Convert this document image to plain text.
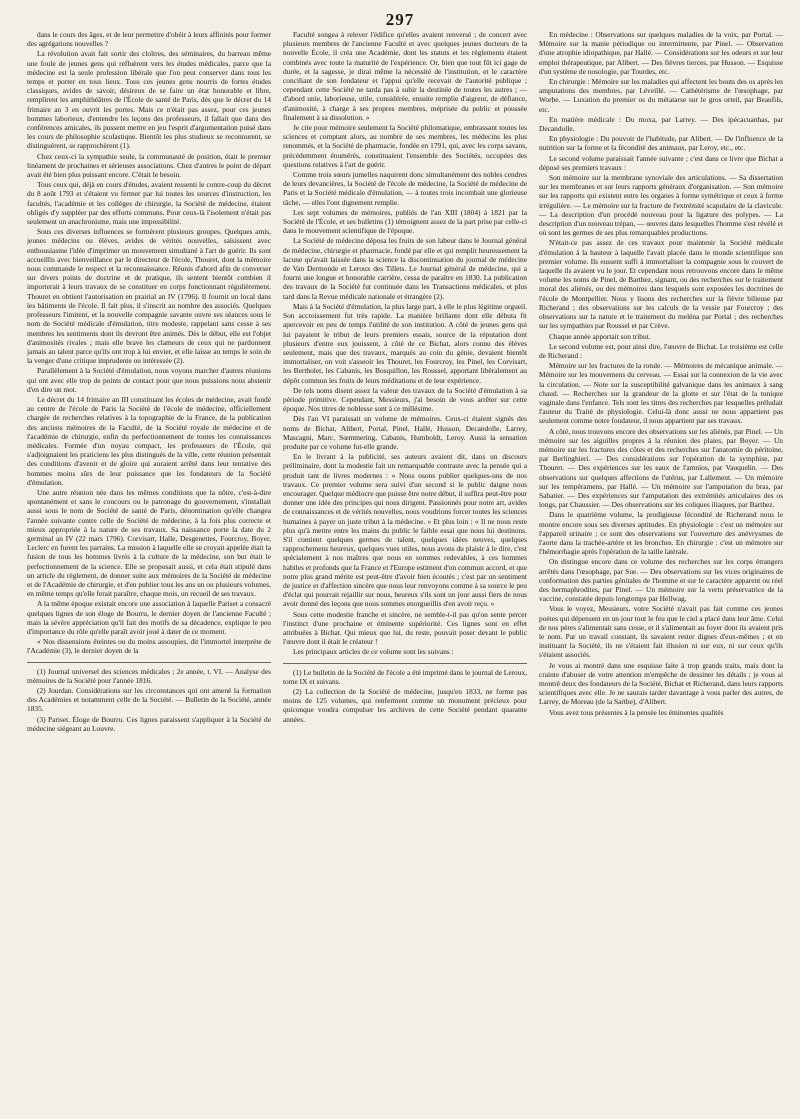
297

dans le cours des âges, et de leur permettre d'obéir à leurs affinités pour former des agrégations nouvelles ?

La révolution avait fait sortir des cloîtres, des séminaires, du barreau même une foule de jeunes gens qui refluèrent vers les études médicales, parce que la médecine est la seule profession libérale que l'on peut conserver dans tous les temps et porter en tous lieux. Tous ces jeunes gens nourris de fortes études classiques, avides de savoir, désireux de se faire un état honorable et libre, remplirent les amphithéâtres de l'École de santé de Paris, dès que le décret du 14 frimaire an 3 en ouvrit les portes. Mais ce n'était pas assez, pour ces jeunes hommes laborieux, d'entendre les leçons des professeurs, il fallait que dans des conférences amicales, ils pussent mettre en jeu l'esprit d'argumentation puisé dans les cours de philosophie scolastique. Bientôt les plus studieux se reconnurent, se distinguèrent, se rapprochèrent (1).

Chez ceux-ci la sympathie seule, la communauté de position, était le premier linéament de prochaines et sérieuses associations. Chez d'autres le point de départ avait été bien plus puissant encore. C'était le besoin.

Tous ceux qui, déjà en cours d'études, avaient ressenti le contre-coup du décret du 8 août 1793 et s'étaient vu fermer par lui toutes les sources d'instruction, les facultés, l'académie et les collèges de chirurgie, la Société de médecine, étaient obligés d'y suppléer par des efforts communs. Pour ceux-là l'isolement n'était pas seulement un anachronisme, mais une impossibilité.

Sous ces diverses influences se formèrent plusieurs groupes. Quelques amis, jeunes médecins ou élèves, avides de vérités nouvelles, saisissent avec enthousiasme l'idée d'imprimer un mouvement simultané à l'art de guérir. Ils sont accueillis avec bienveillance par le directeur de l'école, Thouret, dont la mémoire nous commande le respect et la reconnaissance. Réunis d'abord afin de converser sur divers points de doctrine et de pratique, ils sentent bientôt combien il importerait à leurs travaux de se constituer en corps fonctionnant régulièrement. Thouret en obtient l'autorisation en prairial an IV (1796). Il fournit un local dans les bâtiments de l'école. Il fait plus, il s'inscrit au nombre des associés. Quelques professeurs l'imitent, et la nouvelle compagnie savante ouvre ses séances sous le nom de Société médicale d'émulation, titre modeste, rappelant sans cesse à ses membres les sentiments dont ils devront être animés. Dès le début, elle est l'objet d'animosités rivales ; mais elle brave les clameurs de ceux qui ne pardonnent jamais au talent parce qu'ils ont trop à lui envier, et elle laisse au temps le soin de la venger d'une critique imprudente ou intéressée (2).

Parallèlement à la Société d'émulation, nous voyons marcher d'autres réunions qui ont avec elle trop de points de contact pour que nous puissions nous abstenir d'en dire un mot.

Le décret du 14 frimaire an III constituant les écoles de médecine, avait fondé au centre de l'école de Paris la Société de l'école de médecine, officiellement chargée de recherches relatives à la topographie de la France, de la publication des anciens mémoires de la Faculté, de la Société royale de médecine et de l'académie de chirurgie, enfin du perfectionnement de toutes les connaissances médicales. Formée d'un noyau compact, les professeurs de l'École, qui s'adjoignaient les praticiens les plus distingués de la ville, cette réunion présentait des conditions d'avenir et de gloire qui auraient arrêté dans leur tentative des hommes moins sûrs de leur puissance que les fondateurs de la Société d'émulation.

Une autre réunion née dans les mêmes conditions que la nôtre, c'est-à-dire spontanément et sans le concours ou le patronage du gouvernement, s'installait aussi sous le nom de Société de santé de Paris, dénomination qu'elle changea l'année suivante contre celle de Société de médecine, à la fois plus correcte et mieux appropriée à la nature de ses travaux. Sa naissance porte la date du 2 germinal an IV (22 mars 1796). Corvisart, Halle, Desgenettes, Fourcroy, Boyer, Leclerc en furent les parrains. La mission à laquelle elle se croyait appelée était la fusion de tous les hommes livrés à la culture de la médecine, son but était le perfectionnement de la science. Elle se proposait aussi, et cela était stipulé dans un article du règlement, de donner suite aux mémoires de la Société de médecine et de l'Académie de chirurgie, et d'en publier tous les ans un ou plusieurs volumes, en même temps qu'elle ferait paraître, chaque mois, un recueil de ses travaux.

A la même époque existait encore une association à laquelle Pariset a consacré quelques lignes de son éloge de Bourru, le dernier doyen de l'ancienne Faculté ; mais la sévère appréciation qu'il fait des motifs de sa décadence, explique le peu d'importance du rôle qu'elle paraît avoir joué à dater de ce moment.

« Nos dissensions éteintes ou du moins assoupies, dit l'immortel interprète de l'Académie (3), le dernier doyen de la

(1) Journal universel des sciences médicales ; 2e année, t. VI. — Analyse des mémoires de la Société pour l'année 1816.

(2) Jourdan. Considérations sur les circonstances qui ont amené la formation des Académies et notamment celle de la Société. — Bulletin de la Société, année 1835.

(3) Pariset. Éloge de Bourru. Ces lignes paraissent s'appliquer à la Société de médecine siégeant au Louvre.

Faculté songea à relever l'édifice qu'elles avaient renversé ; de concert avec plusieurs membres de l'ancienne Faculté et avec quelques jeunes docteurs de la nouvelle École, il créa une Académie, dont les statuts et les règlements étaient combinés avec toute la maturité de l'expérience. Or, bien que tout fût ici gage de durée, et la sagesse, je dirai même la nécessité de l'institution, et le caractère conciliant de son fondateur et l'appui qu'elle recevait de l'autorité publique ; cependant cette Société ne tarda pas à subir la destinée de toutes les autres ; — d'abord unie, laborieuse, utile, considérée, ensuite remplie d'aigreur, de défiance, d'animosité, à charge à ses propres membres, méprisée du public et poussée finalement à sa dissolution. »

Je cite pour mémoire seulement la Société philomatique, embrassant toutes les sciences et comptant alors, au nombre de ses membres, les médecins les plus renommés, et la Société de pharmacie, fondée en 1791, qui, avec les corps savans, précédemment énumérés, constituaient l'ensemble des Sociétés, occupées des questions relatives à l'art de guérir.

Comme trois sœurs jumelles naquirent donc simultanément des nobles cendres de leurs devancières, la Société de l'école de médecine, la Société de médecine de Paris et la Société médicale d'émulation, — à toutes trois incombait une glorieuse tâche, — elles l'ont dignement remplie.

Les sept volumes de mémoires, publiés de l'an XIII (1804) à 1821 par la Société de l'École, et ses bulletins (1) témoignent assez de la part prise par celle-ci dans le mouvement scientifique de l'époque.

La Société de médecine déposa les fruits de son labeur dans le Journal général de médecine, chirurgie et pharmacie, fondé par elle et qui remplit heureusement la lacune qu'avait laissée dans la science la discontinuation du journal de médecine de Van Dermonde et Leroux des Tillets. Le Journal général de médecine, qui a fourni une longue et honorable carrière, cessa de paraître en 1830. La publication des travaux de la Société fut continuée dans les Transactions médicales, et plus tard dans la Revue médicale nationale et étrangère (2).

Mais à la Société d'émulation, la plus large part, à elle le plus légitime orgueil. Son accroissement fut très rapide. La manière brillante dont elle débuta fit apercevoir en peu de temps l'utilité de son institution. A côté de jeunes gens qui lui payaient le tribut de leurs premiers essais, source de la réputation dont plusieurs d'entre eux jouissent, à côté de ce Bichat, alors connu des élèves seulement, mais que des travaux, marqués au coin du génie, devaient bientôt immortaliser, on voit s'asseoir les Thouret, les Fourcroy, les Pinel, les Corvisart, les Bertholet, les Cabanis, les Bosquillon, les Roussel, apportant libéralement au dépôt commun les fruits de leurs méditations et de leur expérience.

De tels noms disent assez la valeur des travaux de la Société d'émulation à sa période primitive. Cependant, Messieurs, j'ai besoin de vous arrêter sur cette époque. Nos titres de noblesse sont à ce millésime.

Dès l'an VI paraissait un volume de mémoires. Ceux-ci étaient signés des noms de Bichat, Alibert, Portal, Pinel, Hallé, Husson, Decandolle, Larrey, Mascagni, Marc, Sœmmering, Cabanis, Humboldt, Leroy. Aussi la sensation produite par ce volume fut-elle grande.

En le livrant à la publicité, ses auteurs avaient dit, dans un discours préliminaire, dont la modestie fait un remarquable contraste avec la pensée qui a produit tant de livres modernes : « Nous osons publier quelques-uns de nos travaux. Ce premier volume sera suivi d'un second si le public daigne nous encourager. Quelque médiocre que puisse être notre début, il suffira peut-être pour donner une idée des principes qui nous dirigent. Passionnés pour notre art, avides de connaissances et de vérités nouvelles, nous voudrions forcer toutes les sciences humaines à payer un juste tribut à la médecine. » Et plus loin : « Il ne nous reste plus qu'à mettre entre les mains du public le faible essai que nous lui destinons. S'il contient quelques germes de talent, quelques idées neuves, quelques rapprochemens heureux, quelques vues utiles, nous avons du plaisir à le dire, c'est spécialement à nos maîtres que nous en sommes redevables, à ces hommes habiles et profonds que la France et l'Europe estiment d'un commun accord, et que notre plus grand mérite est peut-être d'avoir bien écoutés ; c'est par un sentiment de justice et d'affection sincère que nous leur renvoyons comme à sa source le peu d'éclat qui pourrait rejaillir sur nous, heureux s'ils sont un jour aussi fiers de nous avoir donné des leçons que nous sommes enorgueillis d'en avoir reçu. »

Sous cette modestie franche et sincère, ne semble-t-il pas qu'on sente percer l'instinct d'une prochaine et éminente supériorité. Ces lignes sont en effet attribuées à Bichat. Qui mieux que lui, du reste, pouvait poser devant le public l'œuvre dont il était le créateur !

Les principaux articles de ce volume sont les suivans :

(1) Le bulletin de la Société de l'école a été imprimé dans le journal de Leroux, tome IX et suivans.

(2) La collection de la Société de médecine, jusqu'en 1833, ne forme pas moins de 125 volumes, qui renferment comme un monument précieux pour quiconque voudra compulser les archives de cette Société pendant quarante années.

En médecine : Observations sur quelques maladies de la voix, par Portal. — Mémoire sur la manie périodique ou intermittente, par Pinel. — Observation d'une atrophie idiopathique, par Hallé. — Considérations sur les odeurs et sur leur emploi thérapeutique, par Alibert. — Des fièvres tierces, par Husson. — Esquisse d'un système de nosologie, par Tourdes, etc.

En chirurgie : Mémoire sur les maladies qui affectent les bouts des os après les amputations des membres, par Léveillé. — Cathétérisme de l'œsophage, par Worbe. — Luxation du premier os du métatarse sur le gros orteil, par Beaufils, etc.

En matière médicale : Du moxa, par Larrey. — Des ipécacuanhas, par Decandolle.

En physiologie : Du pouvoir de l'habitude, par Alibert. — De l'influence de la nutrition sur la forme et la fécondité des animaux, par Leroy, etc., etc.

Le second volume paraissait l'année suivante ; c'est dans ce livre que Bichat a déposé ses premiers travaux :

Son mémoire sur la membrane synoviale des articulations. — Sa dissertation sur les membranes et sur leurs rapports généraux d'organisation. — Son mémoire sur les rapports qui existent entre les organes à forme symétrique et ceux à forme irrégulière. — Le mémoire sur la fracture de l'extrémité scapulaire de la clavicule. — La description d'un procédé nouveau pour la ligature des polypes. — La description d'un nouveau trépan, — œuvres dans lesquelles l'homme s'est révélé et où sont les germes de ses plus remarquables productions.

N'était-ce pas assez de ces travaux pour maintenir la Société médicale d'émulation à la hauteur à laquelle l'avait placée dans le monde scientifique son premier volume. Ils eussent suffi à immortaliser la compagnie sous le couvert de laquelle ils avaient vu le jour. Et cependant nous retrouvons encore dans le même volume les noms de Pinel, de Barthez, signant, ou des recherches sur le traitement moral des aliénés, ou des mémoires dans lesquels sont exposées les doctrines de l'école de Montpellier. Nous y lisons des recherches sur la fièvre bilieuse par Richerand ; des observations sur les calculs de la vessie par Fourcroy ; des observations sur la nature et le traitement du meléna par Portal ; des recherches sur les sympathies par Roussel et par Crève.

Chaque année apportait son tribut.

Le second volume est, pour ainsi dire, l'œuvre de Bichat. Le troisième est celle de Richerand :

Mémoire sur les fractures de la rotule. — Mémoires de mécanique animale. — Mémoire sur les mouvemens du cerveau. — Essai sur la connexion de la vie avec la circulation. — Note sur la susceptibilité galvanique dans les animaux à sang chaud. — Recherches sur la grandeur de la glotte et sur l'état de la tunique vaginale dans l'enfance. Tels sont les titres des recherches par lesquelles préludait l'auteur du Traité de physiologie. Celui-là donc aussi ne nous appartient pas seulement comme notre fondateur, il nous appartient par ses travaux.

A côté, nous trouvons encore des observations sur les aliénés, par Pinel. — Un mémoire sur les aiguilles propres à la réunion des plaies, par Boyer. — Un mémoire sur les fractures des côtes et des recherches sur l'anatomie du péritoine, par Berlinghieri. — Des considérations sur l'opération de la symphise, par Thouret. — Des expériences sur les eaux de l'amnios, par Vauquelin. — Des observations sur quelques affections de l'utérus, par Lallement. — Un mémoire sur les tempéramens, par Hallé. — Un mémoire sur l'amputation du bras, par Sabatier. — Des expériences sur l'amputation des extrémités articulaires des os longs, par Chaussier. — Des observations sur les coliques iliaques, par Barthez.

Dans le quatrième volume, la prodigieuse fécondité de Richerand nous le montre encore sous ses diverses aptitudes. En physiologie : c'est un mémoire sur l'appareil urinaire ; ce sont des observations sur l'ouverture des anévrysmes de l'aorte dans la trachée-artère et les bronches. En chirurgie : c'est un mémoire sur l'hémorrhagie après l'opération de la taille latérale.

On distingue encore dans ce volume des recherches sur les corps étrangers arrêtés dans l'œsophage, par Sue. — Des observations sur les vices originaires de conformation des parties génitales de l'homme et sur le caractère apparent ou réel des hermaphrodites, par Pinel. — Un mémoire sur la vertu préservatrice de la vaccine, constatée depuis longtemps par Hellwag.

Vous le voyez, Messieurs, votre Société n'avait pas fait comme ces jeunes poètes qui dépensent en un jour tout le feu que le ciel a placé dans leur âme. Celui de nos pères s'alimentait sans cesse, et il s'alimentait au foyer dont ils avaient pris le nom. Par un travail constant, ils savaient rester dignes d'eux-mêmes ; et en instituant la Société, ils ne s'étaient fait illusion ni sur eux, ni sur ceux qu'ils s'étaient associés.

Je vous ai montré dans une esquisse faite à trop grands traits, mais dont la crainte d'abuser de votre attention m'empêche de dessiner les détails ; je vous ai montré deux des fondateurs de la Société, Bichat et Richerand, dans leurs rapports scientifiques avec elle. Je ne saurais tarder davantage à vous parler des autres, de Larrey, de Moreau (de la Sarthe), d'Alibert.

Vous avez tous présentes à la pensée les éminentes qualités
